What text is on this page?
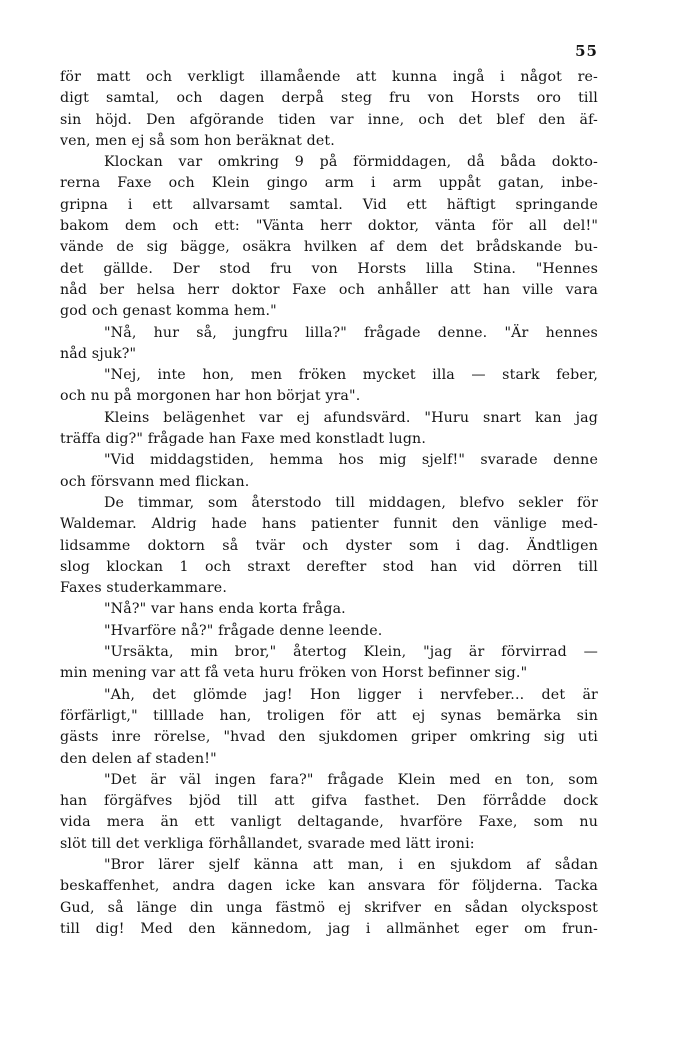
55
för matt och verkligt illamående att kunna ingå i något re-
digt samtal, och dagen derpå steg fru von Horsts oro till
sin höjd. Den afgörande tiden var inne, och det blef den äf-
ven, men ej så som hon beräknat det.
Klockan var omkring 9 på förmiddagen, då båda dokto-
rerna Faxe och Klein gingo arm i arm uppåt gatan, inbe-
gripna i ett allvarsamt samtal. Vid ett häftigt springande
bakom dem och ett: "Vänta herr doktor, vänta för all del!"
vände de sig bägge, osäkra hvilken af dem det brådskande bu-
det gällde. Der stod fru von Horsts lilla Stina. "Hennes
nåd ber helsa herr doktor Faxe och anhåller att han ville vara
god och genast komma hem."
"Nå, hur så, jungfru lilla?" frågade denne. "Är hennes
nåd sjuk?"
"Nej, inte hon, men fröken mycket illa — stark feber,
och nu på morgonen har hon börjat yra".
Kleins belägenhet var ej afundsvärd. "Huru snart kan jag
träffa dig?" frågade han Faxe med konstladt lugn.
"Vid middagstiden, hemma hos mig sjelf!" svarade denne
och försvann med flickan.
De timmar, som återstodo till middagen, blefvo sekler för
Waldemar. Aldrig hade hans patienter funnit den vänlige med-
lidsamme doktorn så tvär och dyster som i dag. Ändtligen
slog klockan 1 och straxt derefter stod han vid dörren till
Faxes studerkammare.
"Nå?" var hans enda korta fråga.
"Hvarföre nå?" frågade denne leende.
"Ursäkta, min bror," återtog Klein, "jag är förvirrad —
min mening var att få veta huru fröken von Horst befinner sig."
"Ah, det glömde jag! Hon ligger i nervfeber... det är
förfärligt," tilllade han, troligen för att ej synas bemärka sin
gästs inre rörelse, "hvad den sjukdomen griper omkring sig uti
den delen af staden!"
"Det är väl ingen fara?" frågade Klein med en ton, som
han förgäfves bjöd till att gifva fasthet. Den förrådde dock
vida mera än ett vanligt deltagande, hvarföre Faxe, som nu
slöt till det verkliga förhållandet, svarade med lätt ironi:
"Bror lärer sjelf känna att man, i en sjukdom af sådan
beskaffenhet, andra dagen icke kan ansvara för följderna. Tacka
Gud, så länge din unga fästmö ej skrifver en sådan olyckspost
till dig! Med den kännedom, jag i allmänhet eger om frun-
